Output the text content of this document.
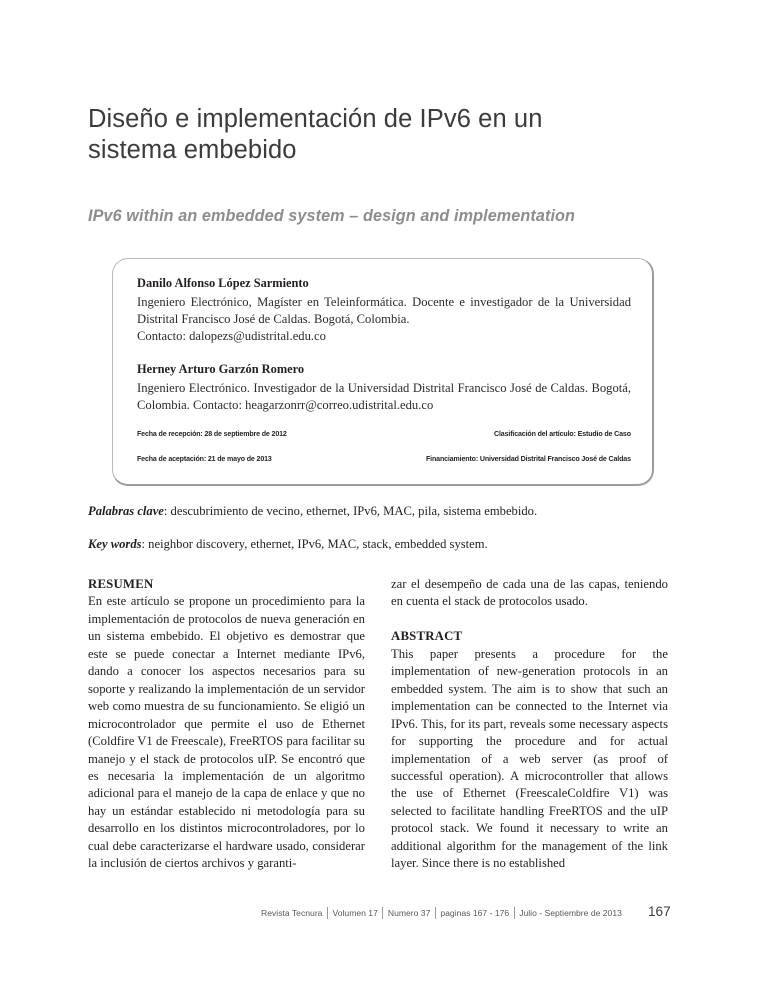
Diseño e implementación de IPv6 en un sistema embebido
IPv6 within an embedded system – design and implementation
Danilo Alfonso López Sarmiento
Ingeniero Electrónico, Magíster en Teleinformática. Docente e investigador de la Universidad Distrital Francisco José de Caldas. Bogotá, Colombia.
Contacto: dalopezs@udistrital.edu.co
Herney Arturo Garzón Romero
Ingeniero Electrónico. Investigador de la Universidad Distrital Francisco José de Caldas. Bogotá, Colombia. Contacto: heagarzonrr@correo.udistrital.edu.co
Fecha de recepción: 28 de septiembre de 2012	Clasificación del artículo: Estudio de Caso
Fecha de aceptación: 21 de mayo de 2013	Financiamiento: Universidad Distrital Francisco José de Caldas
Palabras clave: descubrimiento de vecino, ethernet, IPv6, MAC, pila, sistema embebido.
Key words: neighbor discovery, ethernet, IPv6, MAC, stack, embedded system.
RESUMEN

En este artículo se propone un procedimiento para la implementación de protocolos de nueva generación en un sistema embebido. El objetivo es demostrar que este se puede conectar a Internet mediante IPv6, dando a conocer los aspectos necesarios para su soporte y realizando la implementación de un servidor web como muestra de su funcionamiento. Se eligió un microcontrolador que permite el uso de Ethernet (Coldfire V1 de Freescale), FreeRTOS para facilitar su manejo y el stack de protocolos uIP. Se encontró que es necesaria la implementación de un algoritmo adicional para el manejo de la capa de enlace y que no hay un estándar establecido ni metodología para su desarrollo en los distintos microcontroladores, por lo cual debe caracterizarse el hardware usado, considerar la inclusión de ciertos archivos y garanti-

zar el desempeño de cada una de las capas, teniendo en cuenta el stack de protocolos usado.

ABSTRACT

This paper presents a procedure for the implementation of new-generation protocols in an embedded system. The aim is to show that such an implementation can be connected to the Internet via IPv6. This, for its part, reveals some necessary aspects for supporting the procedure and for actual implementation of a web server (as proof of successful operation). A microcontroller that allows the use of Ethernet (FreescaleColdfire V1) was selected to facilitate handling FreeRTOS and the uIP protocol stack. We found it necessary to write an additional algorithm for the management of the link layer. Since there is no established

Revista Tecnura	Volumen 17	Numero 37	paginas 167 - 176	Julio - Septiembre de 2013	167
